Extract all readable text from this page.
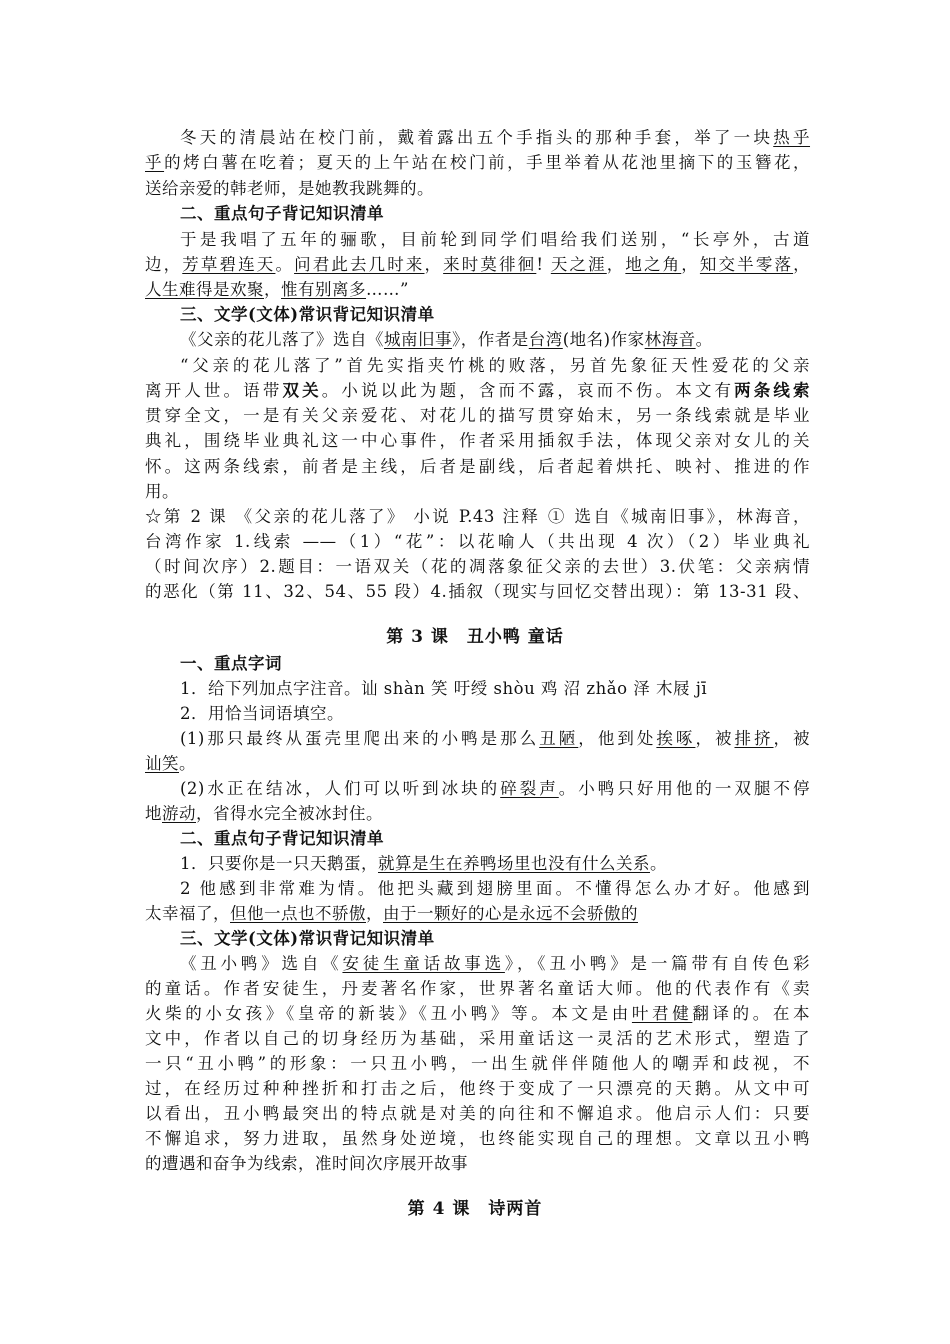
冬天的清晨站在校门前，戴着露出五个手指头的那种手套，举了一块热乎
乎的烤白薯在吃着；夏天的上午站在校门前，手里举着从花池里摘下的玉簪花，
送给亲爱的韩老师，是她教我跳舞的。
二、重点句子背记知识清单
于是我唱了五年的骊歌，目前轮到同学们唱给我们送别，“长亭外，古道
边，芳草碧连天。问君此去几时来，来时莫徘徊! 天之涯，地之角，知交半零落，
人生难得是欢聚，惟有别离多……”
三、文学(文体)常识背记知识清单
《父亲的花儿落了》选自《城南旧事》，作者是台湾(地名)作家林海音。
“父亲的花儿落了”首先实指夹竹桃的败落，另首先象征天性爱花的父亲
离开人世。语带双关。小说以此为题，含而不露，哀而不伤。本文有两条线索
贯穿全文，一是有关父亲爱花、对花儿的描写贯穿始末，另一条线索就是毕业
典礼，围绕毕业典礼这一中心事件，作者采用插叙手法，体现父亲对女儿的关
怀。这两条线索，前者是主线，后者是副线，后者起着烘托、映衬、推进的作
用。
☆第 2 课 《父亲的花儿落了》 小说 P.43 注释 ① 选自《城南旧事》，林海音，
台湾作家 1.线索 ——（1）“花”：以花喻人（共出现 4 次）（2）毕业典礼
（时间次序）2.题目：一语双关（花的凋落象征父亲的去世）3.伏笔：父亲病情
的恶化（第 11、32、54、55 段）4.插叙（现实与回忆交替出现）：第 13-31 段、
第 3 课　丑小鸭 童话
一、重点字词
1．给下列加点字注音。讪 shàn 笑 吁绶 shòu 鸡 沼 zhǎo 泽 木屐 jī
2．用恰当词语填空。
(1)那只最终从蛋壳里爬出来的小鸭是那么丑陋，他到处挨啄，被排挤，被
讪笑。
(2)水正在结冰，人们可以听到冰块的碎裂声。小鸭只好用他的一双腿不停
地游动，省得水完全被冰封住。
二、重点句子背记知识清单
1．只要你是一只天鹅蛋，就算是生在养鸭场里也没有什么关系。
2 他感到非常难为情。他把头藏到翅膀里面。不懂得怎么办才好。他感到
太幸福了，但他一点也不骄傲，由于一颗好的心是永远不会骄傲的
三、文学(文体)常识背记知识清单
《丑小鸭》选自《安徒生童话故事选》，《丑小鸭》是一篇带有自传色彩
的童话。作者安徒生，丹麦著名作家，世界著名童话大师。他的代表作有《卖
火柴的小女孩》《皇帝的新装》《丑小鸭》等。本文是由叶君健翻译的。在本
文中，作者以自己的切身经历为基础，采用童话这一灵活的艺术形式，塑造了
一只“丑小鸭”的形象：一只丑小鸭，一出生就伴伴随他人的嘲弄和歧视，不
过，在经历过种种挫折和打击之后，他终于变成了一只漂亮的天鹅。从文中可
以看出，丑小鸭最突出的特点就是对美的向往和不懈追求。他启示人们：只要
不懈追求，努力进取，虽然身处逆境，也终能实现自己的理想。文章以丑小鸭
的遭遇和奋争为线索，准时间次序展开故事
第 4 课　诗两首
